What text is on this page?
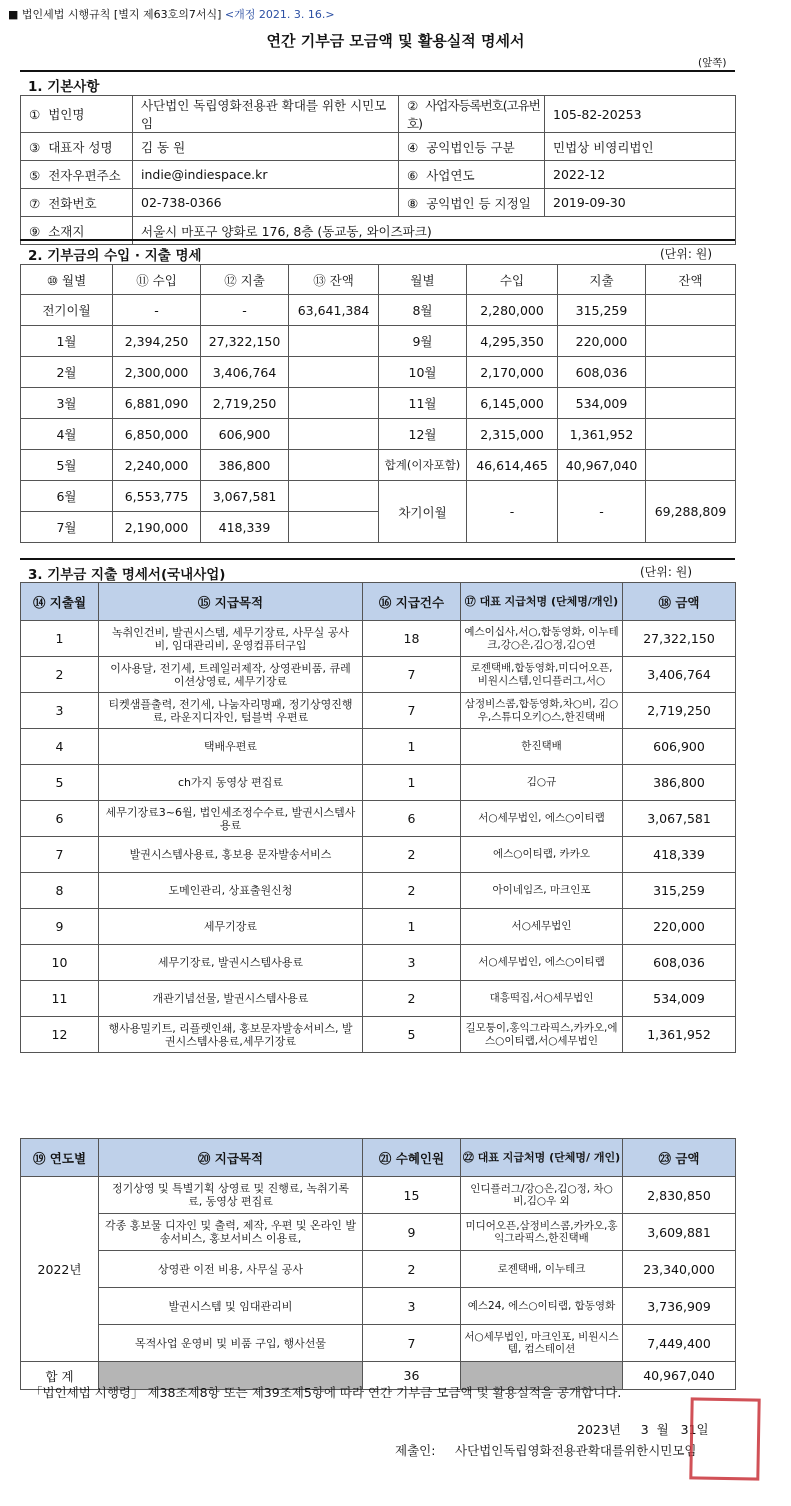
■ 법인세법 시행규칙 [별지 제63호의7서식] <개정 2021. 3. 16.>
연간 기부금 모금액 및 활용실적 명세서
(앞쪽)
1. 기본사항
① 법인명	사단법인 독립영화전용관 확대를 위한 시민모임	② 사업자등록번호(고유번호)	105-82-20253
③ 대표자 성명	김 동 원	④ 공익법인등 구분	민법상 비영리법인
⑤ 전자우편주소	indie@indiespace.kr	⑥ 사업연도	2022-12
⑦ 전화번호	02-738-0366	⑧ 공익법인 등 지정일	2019-09-30
⑨ 소재지	서울시 마포구 양화로 176, 8층 (동교동, 와이즈파크)		
2. 기부금의 수입 · 지출 명세	(단위: 원)
⑩ 월별	⑪ 수입	⑫ 지출	⑬ 잔액	월별	수입	지출	잔액
전기이월	-	-	63,641,384	8월	2,280,000	315,259	
1월	2,394,250	27,322,150		9월	4,295,350	220,000	
2월	2,300,000	3,406,764		10월	2,170,000	608,036	
3월	6,881,090	2,719,250		11월	6,145,000	534,009	
4월	6,850,000	606,900		12월	2,315,000	1,361,952	
5월	2,240,000	386,800		합계(이자포함)	46,614,465	40,967,040	
6월	6,553,775	3,067,581		차기이월	-	-	69,288,809
7월	2,190,000	418,339					
3. 기부금 지출 명세서(국내사업)	(단위: 원)
⑭ 지출월	⑮ 지급목적	⑯ 지급건수	⑰ 대표 지급처명 (단체명/개인)	⑱ 금액
1	녹취인건비, 발권시스템, 세무기장료, 사무실 공사비, 임대관리비, 운영컴퓨터구입	18	예스이십사,서○,합동영화, 이누테크,강○은,김○정,김○연	27,322,150
2	이사용달, 전기세, 트레일러제작, 상영관비품, 큐레이션상영료, 세무기장료	7	로젠택배,합동영화,미디어오픈, 비원시스템,인디플러그,서○	3,406,764
3	티켓샘플출력, 전기세, 나눔자리명패, 정기상영진행료, 라운지디자인, 텀블벅 우편료	7	삼정비스콤,합동영화,차○비, 김○우,스튜디오키○스,한진택배	2,719,250
4	택배우편료	1	한진택배	606,900
5	ch가지 동영상 편집료	1	김○규	386,800
6	세무기장료3~6월, 법인세조정수수료, 발권시스템사용료	6	서○세무법인, 에스○이티랩	3,067,581
7	발권시스템사용료, 홍보용 문자발송서비스	2	에스○이티랩, 카카오	418,339
8	도메인관리, 상표출원신청	2	아이네임즈, 마크인포	315,259
9	세무기장료	1	서○세무법인	220,000
10	세무기장료, 발권시스템사용료	3	서○세무법인, 에스○이티랩	608,036
11	개관기념선물, 발권시스템사용료	2	대흥떡집,서○세무법인	534,009
12	행사용밀키트, 리플렛인쇄, 홍보문자발송서비스, 발권시스템사용료,세무기장료	5	길모퉁이,홍익그라픽스,카카오,에스○이티랩,서○세무법인	1,361,952
⑲ 연도별	⑳ 지급목적	㉑ 수혜인원	㉒ 대표 지급처명 (단체명/ 개인)	㉓ 금액
2022년	정기상영 및 특별기획 상영료 및 진행료, 녹취기록료, 동영상 편집료	15	인디플러그/강○은,김○정, 차○비,김○우 외	2,830,850
	각종 홍보물 디자인 및 출력, 제작, 우편 및 온라인 발송서비스, 홍보서비스 이용료,	9	미디어오픈,삼정비스콤,카카오,홍익그라픽스,한진택배	3,609,881
	상영관 이전 비용, 사무실 공사	2	로젠택배, 이누테크	23,340,000
	발권시스템 및 임대관리비	3	예스24, 에스○이티랩, 합동영화	3,736,909
	목적사업 운영비 및 비품 구입, 행사선물	7	서○세무법인, 마크인포, 비원시스템, 컴스테이션	7,449,400
합 계		36		40,967,040
「법인세법 시행령」 제38조제8항 또는 제39조제5항에 따라 연간 기부금 모금액 및 활용실적을 공개합니다.
2023년     3  월   31일
제출인: 사단법인독립영화전용관확대를위한시민모임
